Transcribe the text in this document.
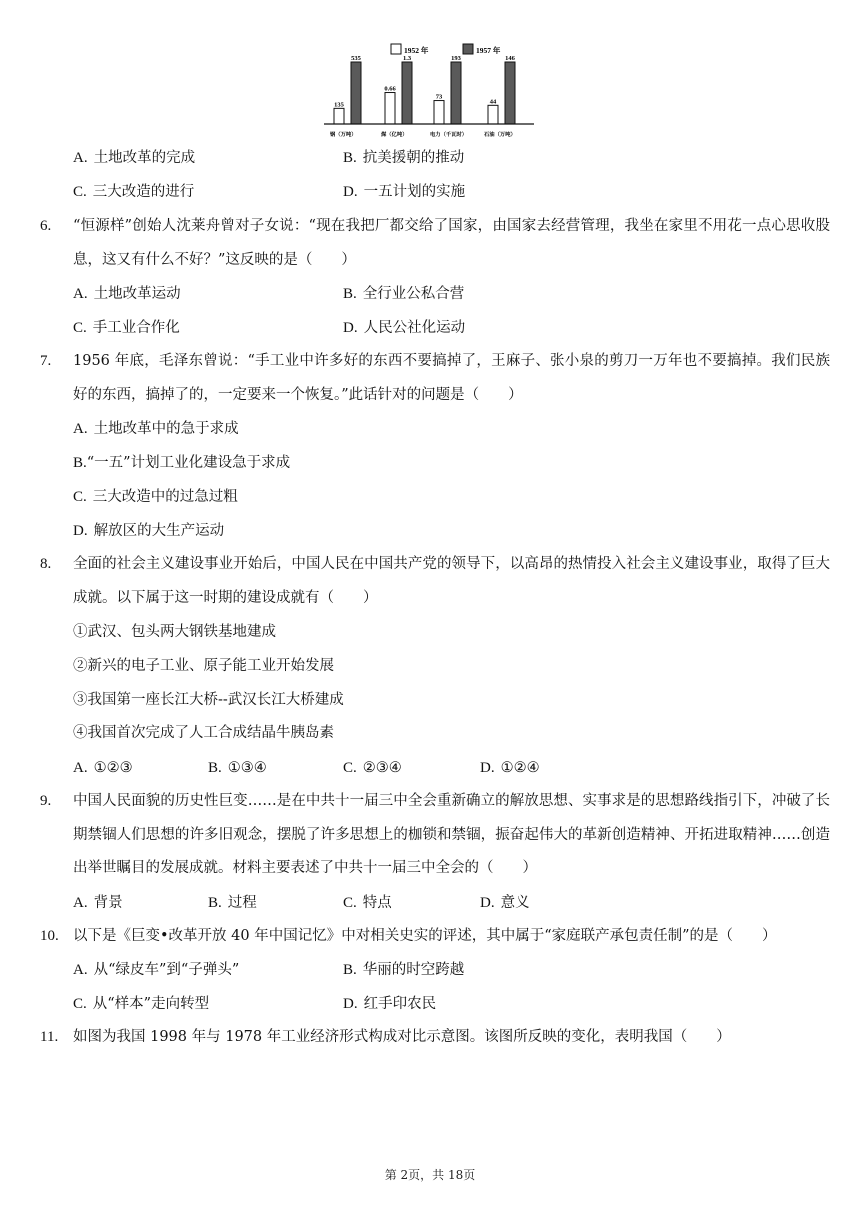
1952 年	1957 年
135
535
0.66
1.3
73
193
44
146
钢（万吨）	煤（亿吨）	电力（千瓦时）	石油（万吨）
A. 土地改革的完成	B. 抗美援朝的推动
C. 三大改造的进行	D. 一五计划的实施
6. “恒源样”创始人沈莱舟曾对子女说：“现在我把厂都交给了国家，由国家去经营管理，我坐在家里不用花一点心思收股息，这又有什么不好？”这反映的是（　　）
A. 土地改革运动	B. 全行业公私合营
C. 手工业合作化	D. 人民公社化运动
7. 1956 年底，毛泽东曾说：“手工业中许多好的东西不要搞掉了，王麻子、张小泉的剪刀一万年也不要搞掉。我们民族好的东西，搞掉了的，一定要来一个恢复。”此话针对的问题是（　　）
A. 土地改革中的急于求成
B.“一五”计划工业化建设急于求成
C. 三大改造中的过急过粗
D. 解放区的大生产运动
8. 全面的社会主义建设事业开始后，中国人民在中国共产党的领导下，以高昂的热情投入社会主义建设事业，取得了巨大成就。以下属于这一时期的建设成就有（　　）
①武汉、包头两大钢铁基地建成
②新兴的电子工业、原子能工业开始发展
③我国第一座长江大桥--武汉长江大桥建成
④我国首次完成了人工合成结晶牛胰岛素
A. ①②③	B. ①③④	C. ②③④	D. ①②④
9. 中国人民面貌的历史性巨变……是在中共十一届三中全会重新确立的解放思想、实事求是的思想路线指引下，冲破了长期禁锢人们思想的许多旧观念，摆脱了许多思想上的枷锁和禁锢，振奋起伟大的革新创造精神、开拓进取精神……创造出举世瞩目的发展成就。材料主要表述了中共十一届三中全会的（　　）
A. 背景	B. 过程	C. 特点	D. 意义
10. 以下是《巨变•改革开放 40 年中国记忆》中对相关史实的评述，其中属于“家庭联产承包责任制”的是（　　）
A. 从“绿皮车”到“子弹头”	B. 华丽的时空跨越
C. 从“样本”走向转型	D. 红手印农民
11. 如图为我国 1998 年与 1978 年工业经济形式构成对比示意图。该图所反映的变化，表明我国（　　）
第 2页，共 18页
